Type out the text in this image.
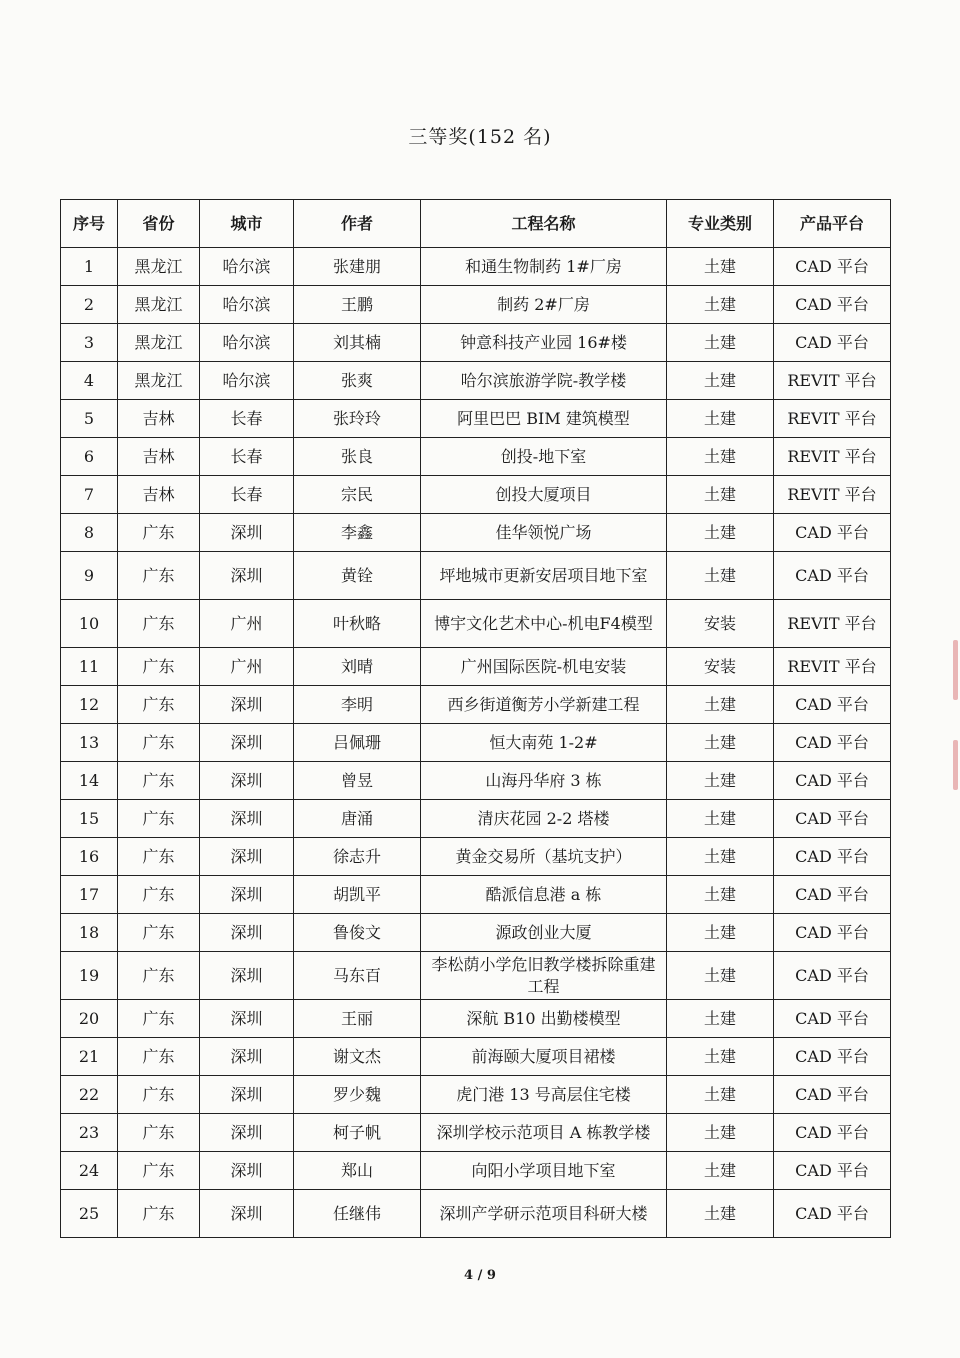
三等奖(152 名)
序号	省份	城市	作者	工程名称	专业类别	产品平台
1	黑龙江	哈尔滨	张建朋	和通生物制药 1#厂房	土建	CAD 平台
2	黑龙江	哈尔滨	王鹏	制药 2#厂房	土建	CAD 平台
3	黑龙江	哈尔滨	刘其楠	钟意科技产业园 16#楼	土建	CAD 平台
4	黑龙江	哈尔滨	张爽	哈尔滨旅游学院-教学楼	土建	REVIT 平台
5	吉林	长春	张玲玲	阿里巴巴 BIM 建筑模型	土建	REVIT 平台
6	吉林	长春	张良	创投-地下室	土建	REVIT 平台
7	吉林	长春	宗民	创投大厦项目	土建	REVIT 平台
8	广东	深圳	李鑫	佳华领悦广场	土建	CAD 平台
9	广东	深圳	黄铨	坪地城市更新安居项目地下室	土建	CAD 平台
10	广东	广州	叶秋略	博宇文化艺术中心-机电F4模型	安装	REVIT 平台
11	广东	广州	刘晴	广州国际医院-机电安装	安装	REVIT 平台
12	广东	深圳	李明	西乡街道衡芳小学新建工程	土建	CAD 平台
13	广东	深圳	吕佩珊	恒大南苑 1-2#	土建	CAD 平台
14	广东	深圳	曾昱	山海丹华府 3 栋	土建	CAD 平台
15	广东	深圳	唐涌	清庆花园 2-2 塔楼	土建	CAD 平台
16	广东	深圳	徐志升	黄金交易所（基坑支护）	土建	CAD 平台
17	广东	深圳	胡凯平	酷派信息港 a 栋	土建	CAD 平台
18	广东	深圳	鲁俊文	源政创业大厦	土建	CAD 平台
19	广东	深圳	马东百	李松荫小学危旧教学楼拆除重建工程	土建	CAD 平台
20	广东	深圳	王丽	深航 B10 出勤楼模型	土建	CAD 平台
21	广东	深圳	谢文杰	前海颐大厦项目裙楼	土建	CAD 平台
22	广东	深圳	罗少魏	虎门港 13 号高层住宅楼	土建	CAD 平台
23	广东	深圳	柯子帆	深圳学校示范项目 A 栋教学楼	土建	CAD 平台
24	广东	深圳	郑山	向阳小学项目地下室	土建	CAD 平台
25	广东	深圳	任继伟	深圳产学研示范项目科研大楼	土建	CAD 平台
4 / 9
